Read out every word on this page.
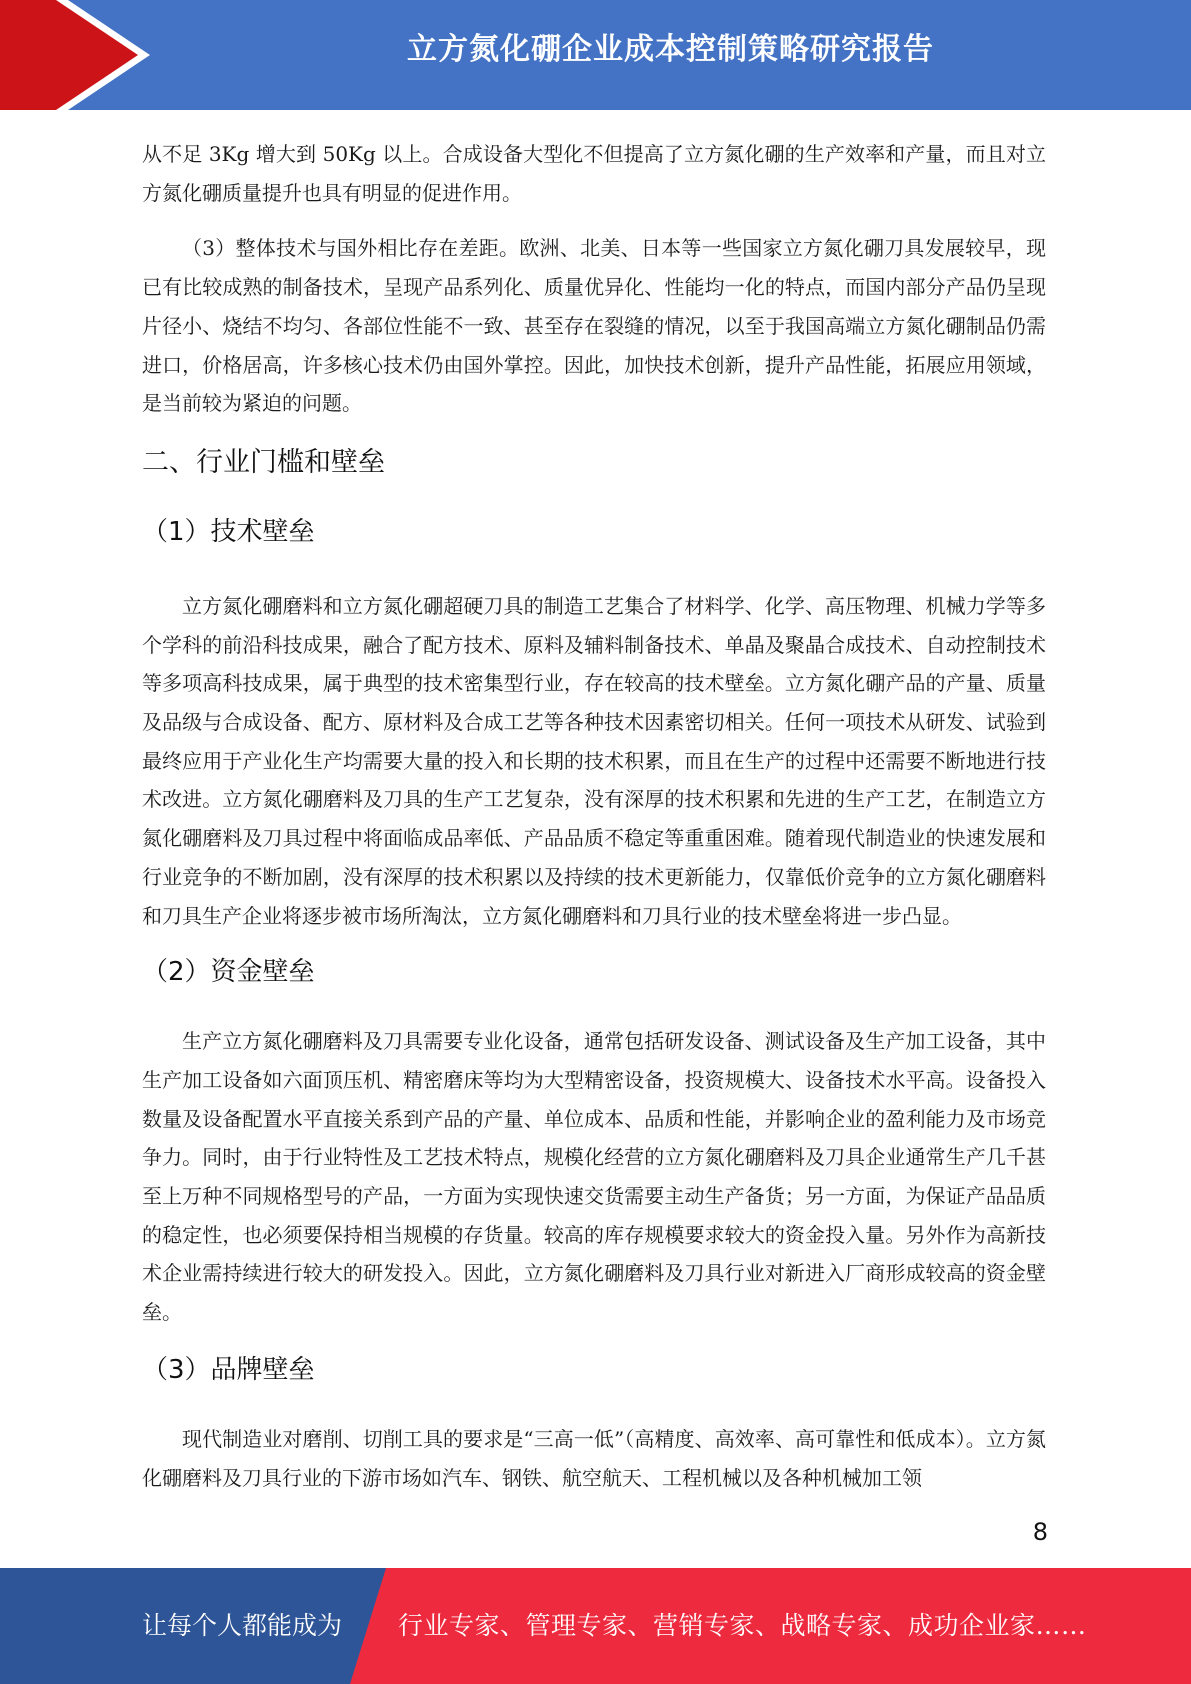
立方氮化硼企业成本控制策略研究报告

从不足 3Kg 增大到 50Kg 以上。合成设备大型化不但提高了立方氮化硼的生产效率和产量，而且对立方氮化硼质量提升也具有明显的促进作用。

（3）整体技术与国外相比存在差距。欧洲、北美、日本等一些国家立方氮化硼刀具发展较早，现已有比较成熟的制备技术，呈现产品系列化、质量优异化、性能均一化的特点，而国内部分产品仍呈现片径小、烧结不均匀、各部位性能不一致、甚至存在裂缝的情况，以至于我国高端立方氮化硼制品仍需进口，价格居高，许多核心技术仍由国外掌控。因此，加快技术创新，提升产品性能，拓展应用领域，是当前较为紧迫的问题。

二、行业门槛和壁垒
（1）技术壁垒

立方氮化硼磨料和立方氮化硼超硬刀具的制造工艺集合了材料学、化学、高压物理、机械力学等多个学科的前沿科技成果，融合了配方技术、原料及辅料制备技术、单晶及聚晶合成技术、自动控制技术等多项高科技成果，属于典型的技术密集型行业，存在较高的技术壁垒。立方氮化硼产品的产量、质量及品级与合成设备、配方、原材料及合成工艺等各种技术因素密切相关。任何一项技术从研发、试验到最终应用于产业化生产均需要大量的投入和长期的技术积累，而且在生产的过程中还需要不断地进行技术改进。立方氮化硼磨料及刀具的生产工艺复杂，没有深厚的技术积累和先进的生产工艺，在制造立方氮化硼磨料及刀具过程中将面临成品率低、产品品质不稳定等重重困难。随着现代制造业的快速发展和行业竞争的不断加剧，没有深厚的技术积累以及持续的技术更新能力，仅靠低价竞争的立方氮化硼磨料和刀具生产企业将逐步被市场所淘汰，立方氮化硼磨料和刀具行业的技术壁垒将进一步凸显。

（2）资金壁垒

生产立方氮化硼磨料及刀具需要专业化设备，通常包括研发设备、测试设备及生产加工设备，其中生产加工设备如六面顶压机、精密磨床等均为大型精密设备，投资规模大、设备技术水平高。设备投入数量及设备配置水平直接关系到产品的产量、单位成本、品质和性能，并影响企业的盈利能力及市场竞争力。同时，由于行业特性及工艺技术特点，规模化经营的立方氮化硼磨料及刀具企业通常生产几千甚至上万种不同规格型号的产品，一方面为实现快速交货需要主动生产备货；另一方面，为保证产品品质的稳定性，也必须要保持相当规模的存货量。较高的库存规模要求较大的资金投入量。另外作为高新技术企业需持续进行较大的研发投入。因此，立方氮化硼磨料及刀具行业对新进入厂商形成较高的资金壁垒。

（3）品牌壁垒

现代制造业对磨削、切削工具的要求是“三高一低”（高精度、高效率、高可靠性和低成本）。立方氮化硼磨料及刀具行业的下游市场如汽车、钢铁、航空航天、工程机械以及各种机械加工领

8
让每个人都能成为 行业专家、管理专家、营销专家、战略专家、成功企业家……
